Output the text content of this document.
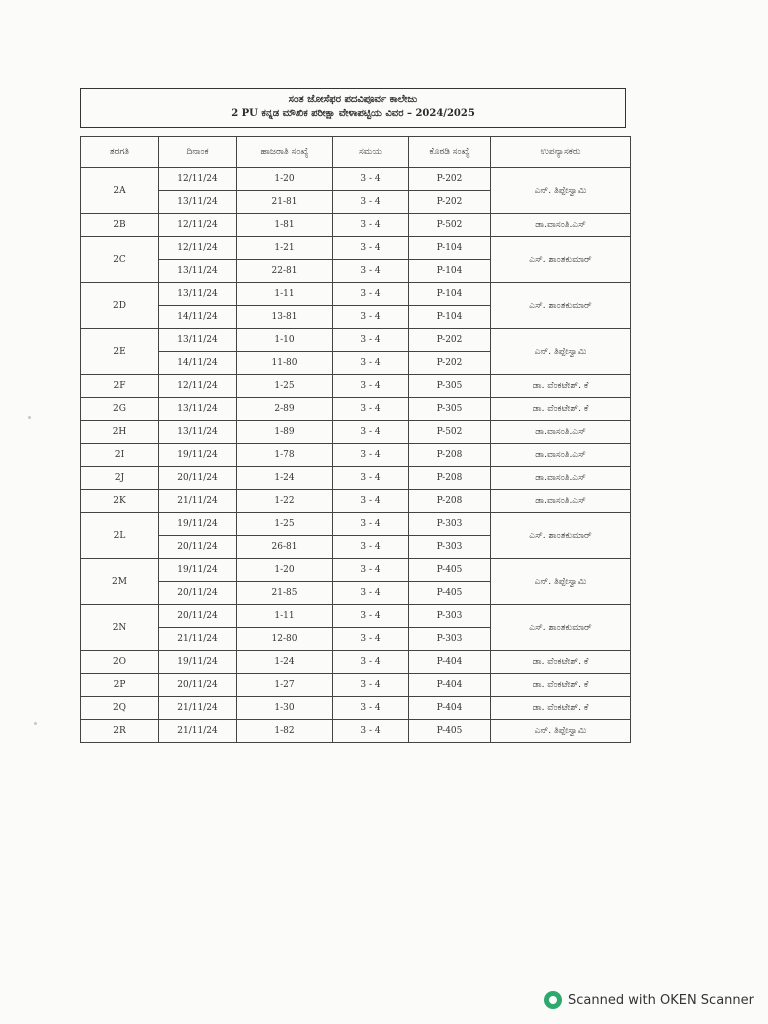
ಸಂತ ಜೋಸೆಫರ ಪದವಿಪೂರ್ವ ಕಾಲೇಜು
2 PU ಕನ್ನಡ ಮೌಖಿಕ ಪರೀಕ್ಷಾ ವೇಳಾಪಟ್ಟಿಯ ವಿವರ – 2024/2025
ತರಗತಿ	ದಿನಾಂಕ	ಹಾಜರಾತಿ ಸಂಖ್ಯೆ	ಸಮಯ	ಕೊಠಡಿ ಸಂಖ್ಯೆ	ಉಪನ್ಯಾಸಕರು
2A	12/11/24	1-20	3 - 4	P-202	ಎನ್. ತಿಪ್ಪೇಸ್ವಾಮಿ
	13/11/24	21-81	3 - 4	P-202	
2B	12/11/24	1-81	3 - 4	P-502	ಡಾ.ವಾಸಂತಿ.ಎಸ್
2C	12/11/24	1-21	3 - 4	P-104	ಎಸ್. ಶಾಂತಕುಮಾರ್
	13/11/24	22-81	3 - 4	P-104	
2D	13/11/24	1-11	3 - 4	P-104	ಎಸ್. ಶಾಂತಕುಮಾರ್
	14/11/24	13-81	3 - 4	P-104	
2E	13/11/24	1-10	3 - 4	P-202	ಎನ್. ತಿಪ್ಪೇಸ್ವಾಮಿ
	14/11/24	11-80	3 - 4	P-202	
2F	12/11/24	1-25	3 - 4	P-305	ಡಾ. ವೆಂಕಟೇಶ್. ಕೆ
2G	13/11/24	2-89	3 - 4	P-305	ಡಾ. ವೆಂಕಟೇಶ್. ಕೆ
2H	13/11/24	1-89	3 - 4	P-502	ಡಾ.ವಾಸಂತಿ.ಎಸ್
2I	19/11/24	1-78	3 - 4	P-208	ಡಾ.ವಾಸಂತಿ.ಎಸ್
2J	20/11/24	1-24	3 - 4	P-208	ಡಾ.ವಾಸಂತಿ.ಎಸ್
2K	21/11/24	1-22	3 - 4	P-208	ಡಾ.ವಾಸಂತಿ.ಎಸ್
2L	19/11/24	1-25	3 - 4	P-303	ಎಸ್. ಶಾಂತಕುಮಾರ್
	20/11/24	26-81	3 - 4	P-303	
2M	19/11/24	1-20	3 - 4	P-405	ಎನ್. ತಿಪ್ಪೇಸ್ವಾಮಿ
	20/11/24	21-85	3 - 4	P-405	
2N	20/11/24	1-11	3 - 4	P-303	ಎಸ್. ಶಾಂತಕುಮಾರ್
	21/11/24	12-80	3 - 4	P-303	
2O	19/11/24	1-24	3 - 4	P-404	ಡಾ. ವೆಂಕಟೇಶ್. ಕೆ
2P	20/11/24	1-27	3 - 4	P-404	ಡಾ. ವೆಂಕಟೇಶ್. ಕೆ
2Q	21/11/24	1-30	3 - 4	P-404	ಡಾ. ವೆಂಕಟೇಶ್. ಕೆ
2R	21/11/24	1-82	3 - 4	P-405	ಎನ್. ತಿಪ್ಪೇಸ್ವಾಮಿ
Scanned with OKEN Scanner
